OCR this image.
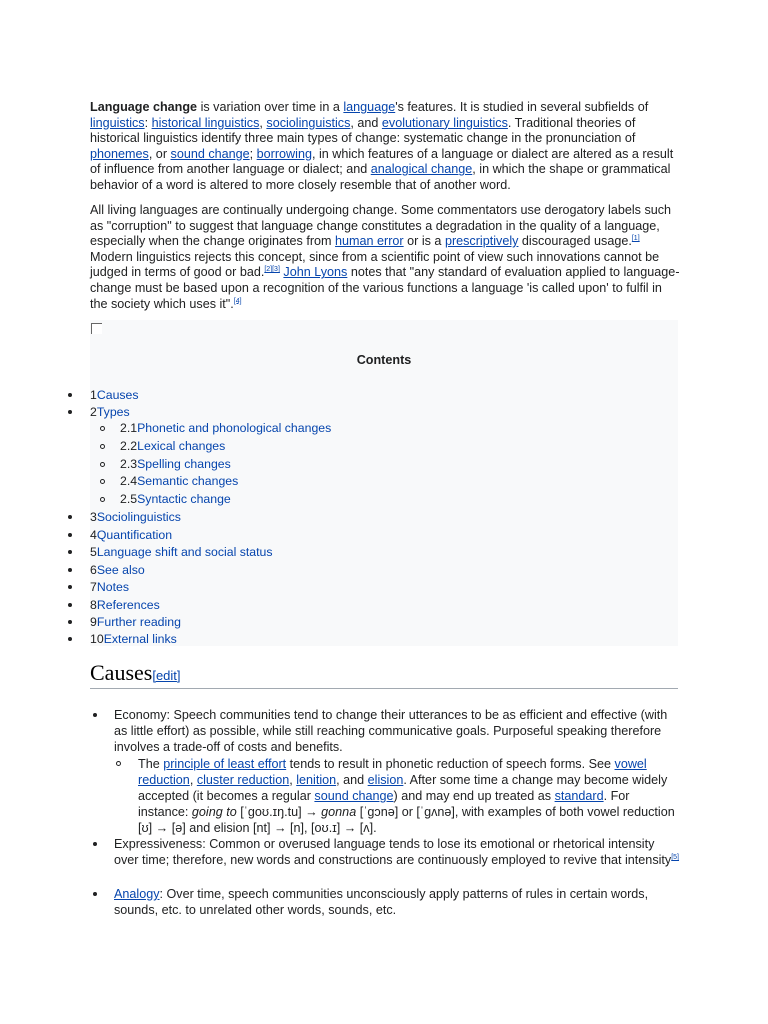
Language change is variation over time in a language's features. It is studied in several subfields of linguistics: historical linguistics, sociolinguistics, and evolutionary linguistics. Traditional theories of historical linguistics identify three main types of change: systematic change in the pronunciation of phonemes, or sound change; borrowing, in which features of a language or dialect are altered as a result of influence from another language or dialect; and analogical change, in which the shape or grammatical behavior of a word is altered to more closely resemble that of another word.

All living languages are continually undergoing change. Some commentators use derogatory labels such as "corruption" to suggest that language change constitutes a degradation in the quality of a language, especially when the change originates from human error or is a prescriptively discouraged usage.[1] Modern linguistics rejects this concept, since from a scientific point of view such innovations cannot be judged in terms of good or bad.[2][3] John Lyons notes that "any standard of evaluation applied to language-change must be based upon a recognition of the various functions a language 'is called upon' to fulfil in the society which uses it".[4]

Contents
1Causes
2Types
2.1Phonetic and phonological changes
2.2Lexical changes
2.3Spelling changes
2.4Semantic changes
2.5Syntactic change
3Sociolinguistics
4Quantification
5Language shift and social status
6See also
7Notes
8References
9Further reading
10External links
Causes[edit]

Economy: Speech communities tend to change their utterances to be as efficient and effective (with as little effort) as possible, while still reaching communicative goals. Purposeful speaking therefore involves a trade-off of costs and benefits.

The principle of least effort tends to result in phonetic reduction of speech forms. See vowel reduction, cluster reduction, lenition, and elision. After some time a change may become widely accepted (it becomes a regular sound change) and may end up treated as standard. For instance: going to [ˈɡoʊ.ɪŋ.tu] → gonna [ˈɡɔnə] or [ˈɡʌnə], with examples of both vowel reduction [ʊ] → [ə] and elision [nt] → [n], [oʊ.ɪ] → [ʌ].

Expressiveness: Common or overused language tends to lose its emotional or rhetorical intensity over time; therefore, new words and constructions are continuously employed to revive that intensity[5]

Analogy: Over time, speech communities unconsciously apply patterns of rules in certain words, sounds, etc. to unrelated other words, sounds, etc.
